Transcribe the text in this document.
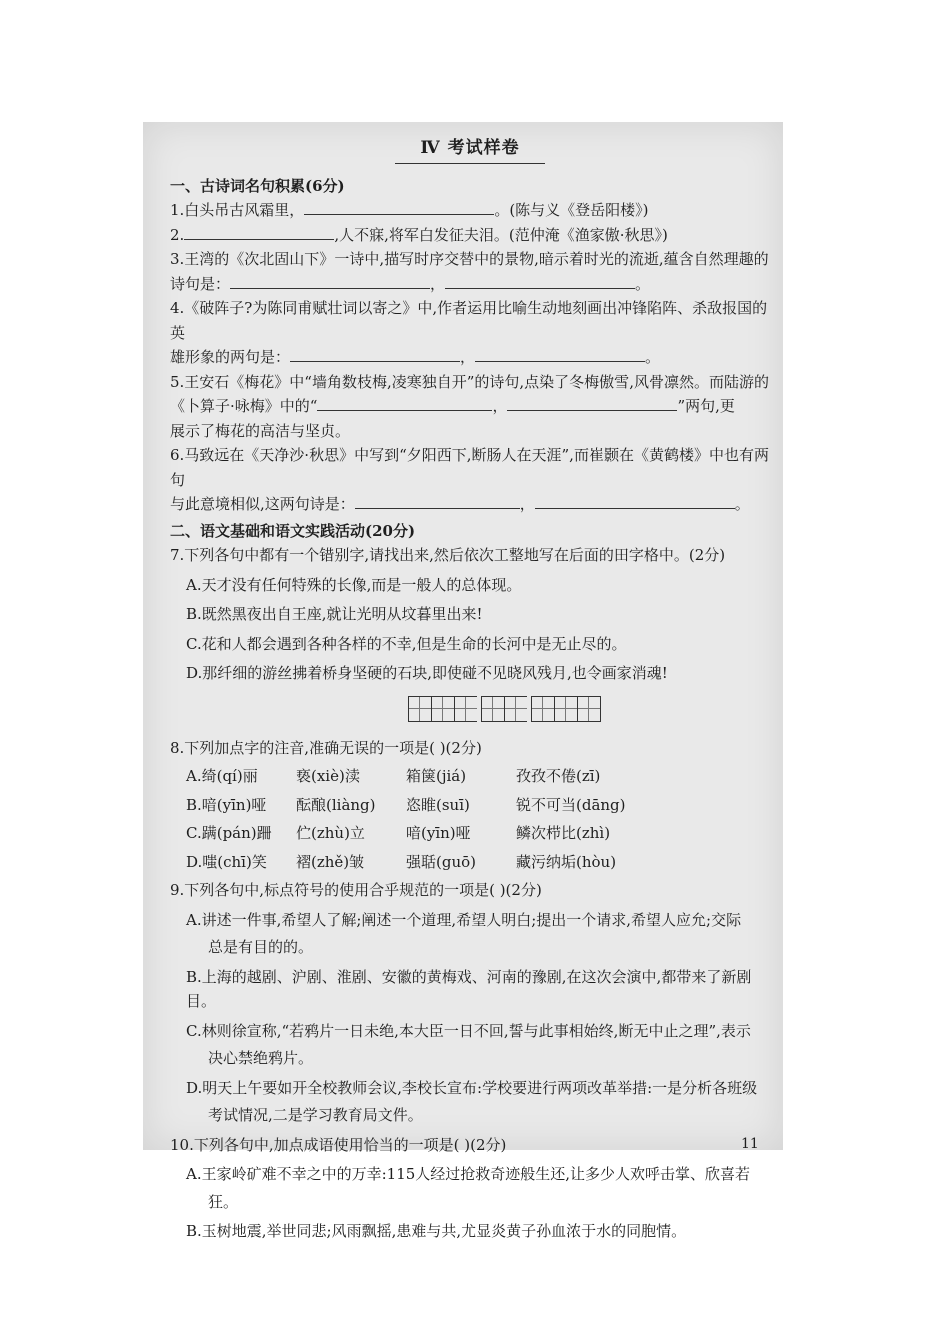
Ⅳ 考试样卷
一、古诗词名句积累(6分)

1.白头吊古风霜里，	。(陈与义《登岳阳楼》)

2.	,人不寐,将军白发征夫泪。(范仲淹《渔家傲·秋思》)

3.王湾的《次北固山下》一诗中,描写时序交替中的景物,暗示着时光的流逝,蕴含自然理趣的
诗句是：	，	。

4.《破阵子?为陈同甫赋壮词以寄之》中,作者运用比喻生动地刻画出冲锋陷阵、杀敌报国的英
雄形象的两句是：	，	。

5.王安石《梅花》中“墙角数枝梅,凌寒独自开”的诗句,点染了冬梅傲雪,风骨凛然。而陆游的
《卜算子·咏梅》中的“	，	”两句,更
展示了梅花的高洁与坚贞。

6.马致远在《天净沙·秋思》中写到“夕阳西下,断肠人在天涯”,而崔颢在《黄鹤楼》中也有两句
与此意境相似,这两句诗是：	，	。

二、语文基础和语文实践活动(20分)

7.下列各句中都有一个错别字,请找出来,然后依次工整地写在后面的田字格中。(2分)

A.天才没有任何特殊的长像,而是一般人的总体现。

B.既然黑夜出自王座,就让光明从坟暮里出来!

C.花和人都会遇到各种各样的不幸,但是生命的长河中是无止尽的。

D.那纤细的游丝拂着桥身坚硬的石块,即使碰不见晓风残月,也令画家消魂!

8.下列加点字的注音,准确无误的一项是( )(2分)

A.绮(qí)丽	亵(xiè)渎	箱箧(jiá)	孜孜不倦(zī)
B.喑(yīn)哑	酝酿(liàng)	恣睢(suī)	锐不可当(dāng)
C.蹒(pán)跚	伫(zhù)立	喑(yīn)哑	鳞次栉比(zhì)
D.嗤(chī)笑	褶(zhě)皱	强聒(guō)	藏污纳垢(hòu)

9.下列各句中,标点符号的使用合乎规范的一项是( )(2分)

A.讲述一件事,希望人了解;阐述一个道理,希望人明白;提出一个请求,希望人应允;交际

总是有目的的。

B.上海的越剧、沪剧、淮剧、安徽的黄梅戏、河南的豫剧,在这次会演中,都带来了新剧目。

C.林则徐宣称,“若鸦片一日未绝,本大臣一日不回,誓与此事相始终,断无中止之理”,表示

决心禁绝鸦片。

D.明天上午要如开全校教师会议,李校长宣布:学校要进行两项改革举措:一是分析各班级

考试情况,二是学习教育局文件。

10.下列各句中,加点成语使用恰当的一项是( )(2分)

A.王家岭矿难不幸之中的万幸:115人经过抢救奇迹般生还,让多少人欢呼击掌、欣喜若

狂。

B.玉树地震,举世同悲;风雨飘摇,患难与共,尤显炎黄子孙血浓于水的同胞情。

11
